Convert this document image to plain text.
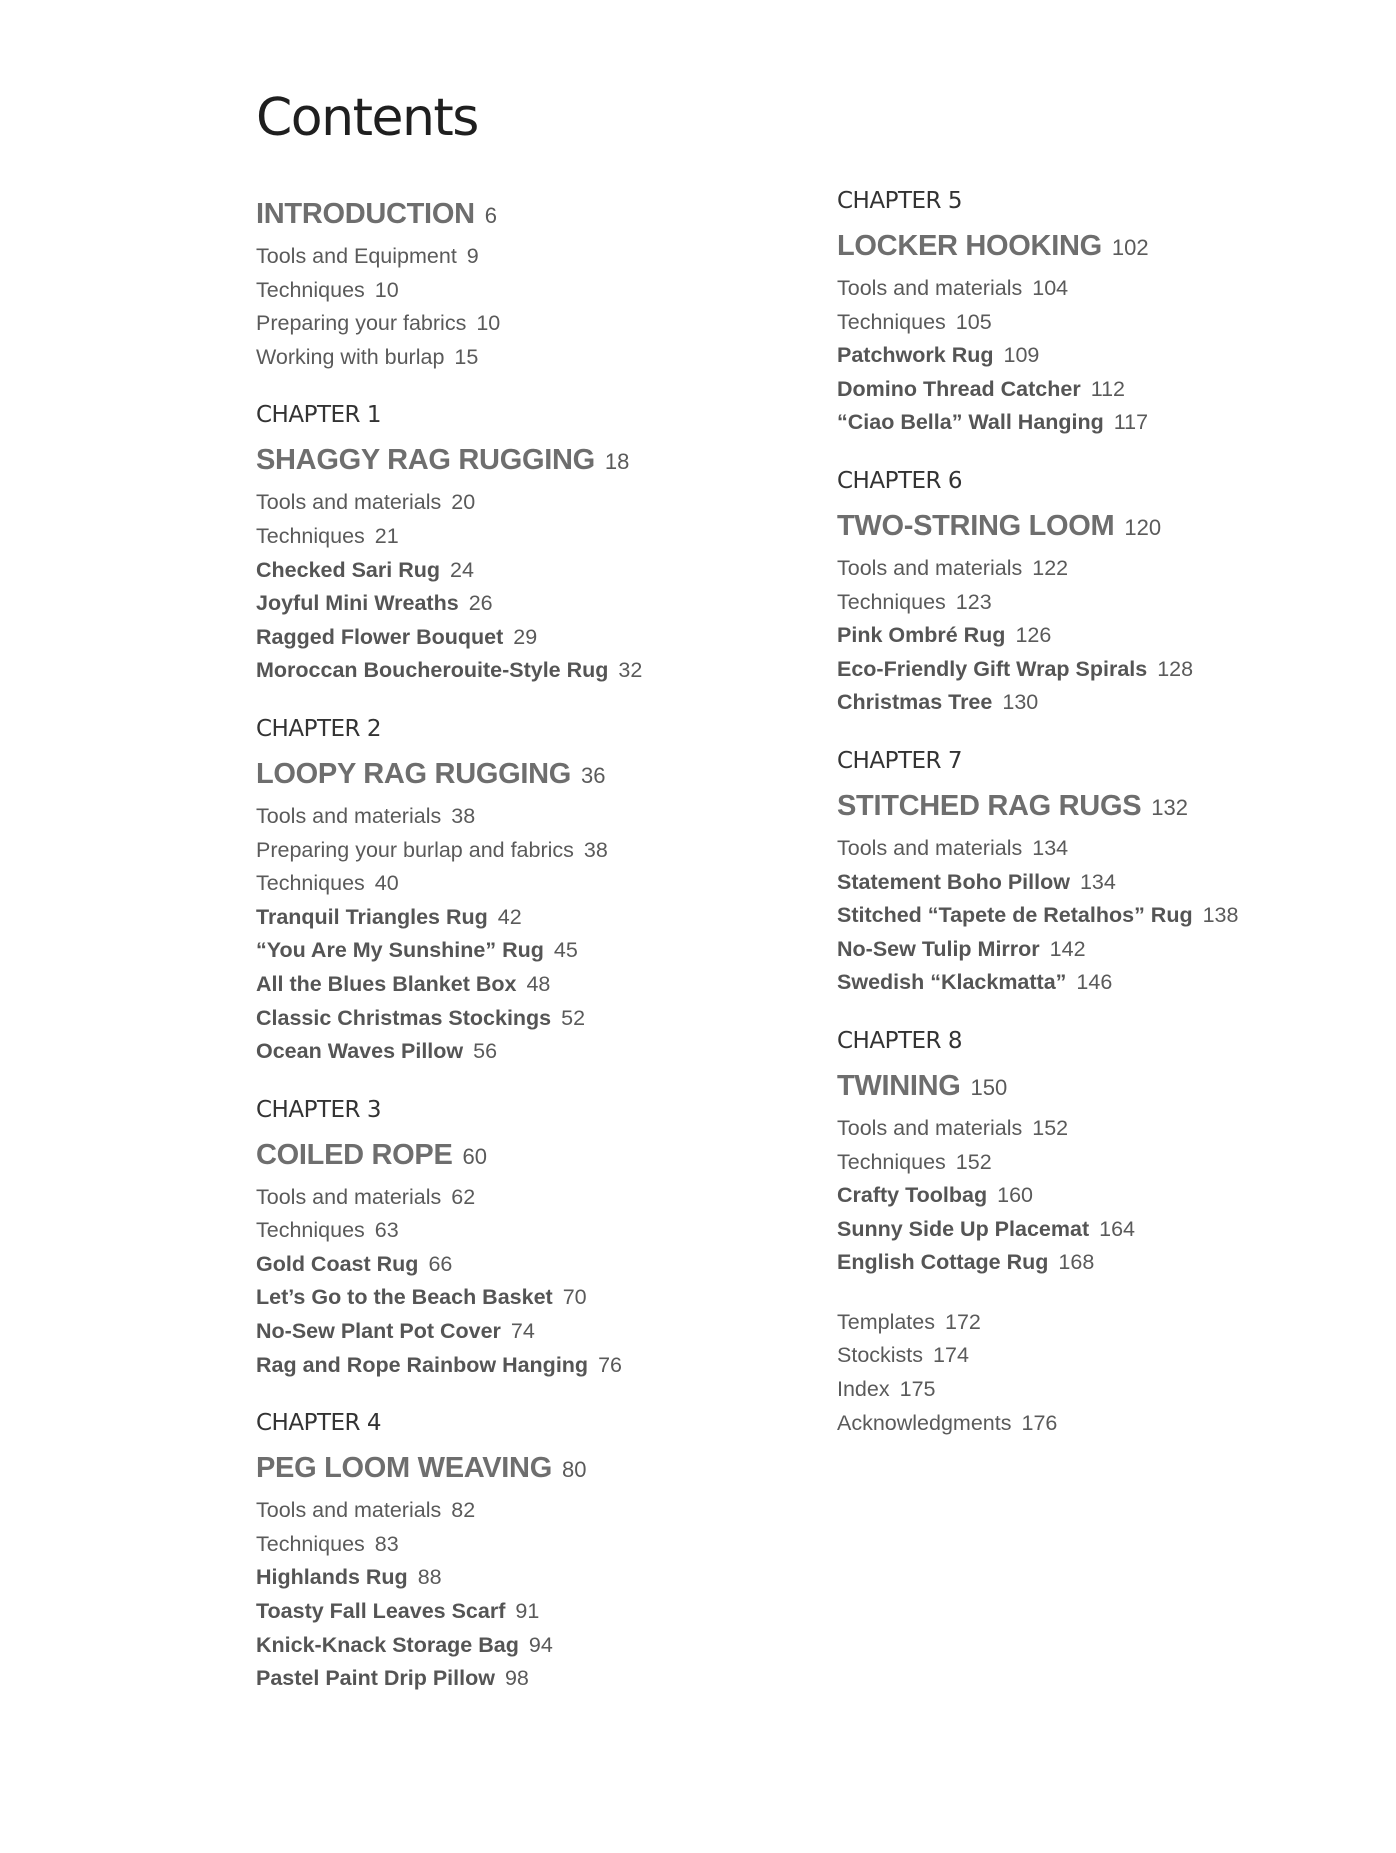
Contents
INTRODUCTION 6
Tools and Equipment 9
Techniques 10
Preparing your fabrics 10
Working with burlap 15
CHAPTER 1
SHAGGY RAG RUGGING 18
Tools and materials 20
Techniques 21
Checked Sari Rug 24
Joyful Mini Wreaths 26
Ragged Flower Bouquet 29
Moroccan Boucherouite-Style Rug 32
CHAPTER 2
LOOPY RAG RUGGING 36
Tools and materials 38
Preparing your burlap and fabrics 38
Techniques 40
Tranquil Triangles Rug 42
“You Are My Sunshine” Rug 45
All the Blues Blanket Box 48
Classic Christmas Stockings 52
Ocean Waves Pillow 56
CHAPTER 3
COILED ROPE 60
Tools and materials 62
Techniques 63
Gold Coast Rug 66
Let’s Go to the Beach Basket 70
No-Sew Plant Pot Cover 74
Rag and Rope Rainbow Hanging 76
CHAPTER 4
PEG LOOM WEAVING 80
Tools and materials 82
Techniques 83
Highlands Rug 88
Toasty Fall Leaves Scarf 91
Knick-Knack Storage Bag 94
Pastel Paint Drip Pillow 98
CHAPTER 5
LOCKER HOOKING 102
Tools and materials 104
Techniques 105
Patchwork Rug 109
Domino Thread Catcher 112
“Ciao Bella” Wall Hanging 117
CHAPTER 6
TWO-STRING LOOM 120
Tools and materials 122
Techniques 123
Pink Ombré Rug 126
Eco-Friendly Gift Wrap Spirals 128
Christmas Tree 130
CHAPTER 7
STITCHED RAG RUGS 132
Tools and materials 134
Statement Boho Pillow 134
Stitched “Tapete de Retalhos” Rug 138
No-Sew Tulip Mirror 142
Swedish “Klackmatta” 146
CHAPTER 8
TWINING 150
Tools and materials 152
Techniques 152
Crafty Toolbag 160
Sunny Side Up Placemat 164
English Cottage Rug 168
Templates 172
Stockists 174
Index 175
Acknowledgments 176
